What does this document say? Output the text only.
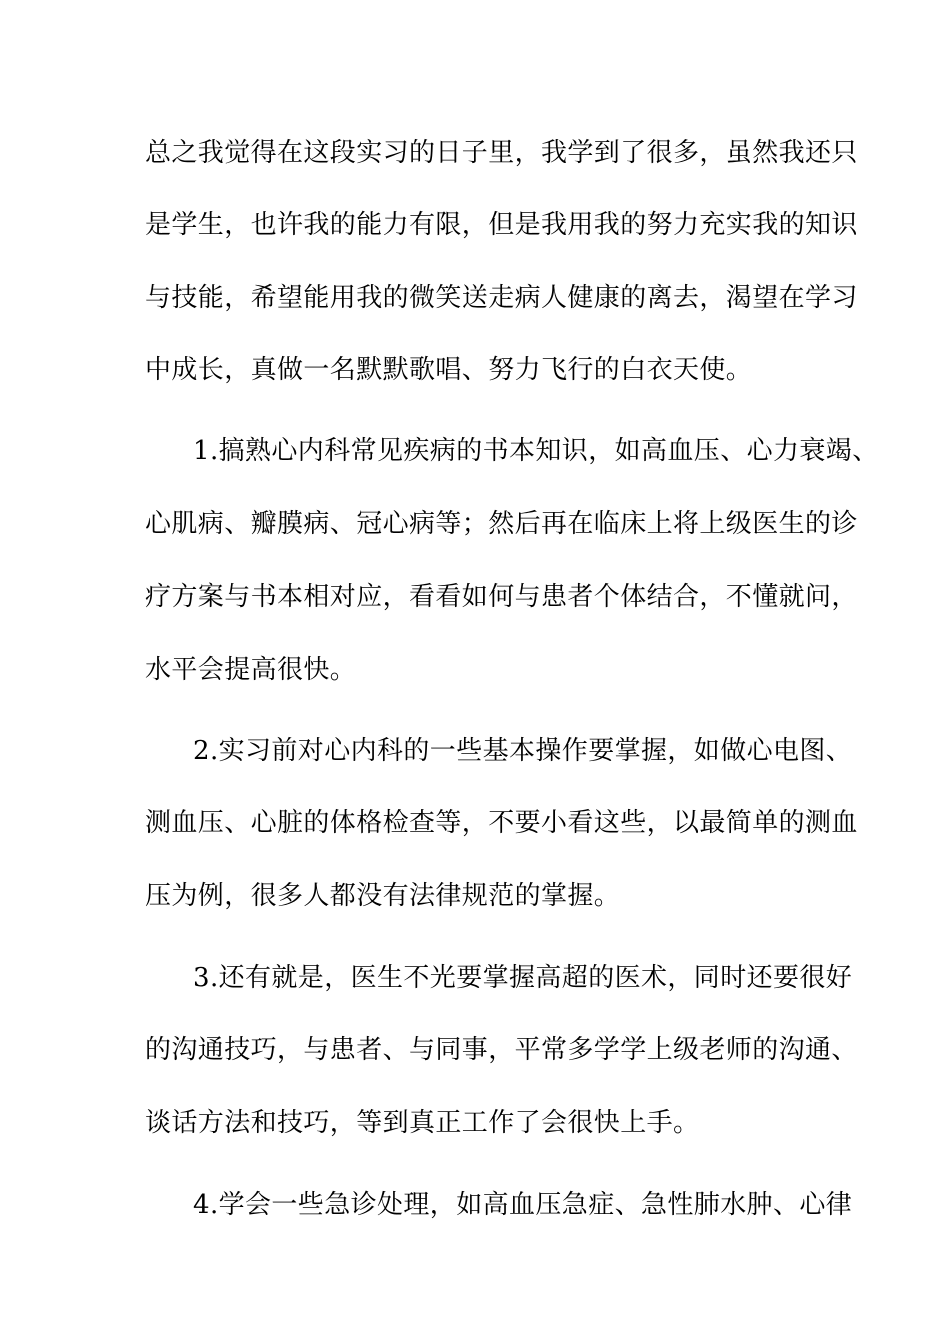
总之我觉得在这段实习的日子里，我学到了很多，虽然我还只
是学生，也许我的能力有限，但是我用我的努力充实我的知识
与技能，希望能用我的微笑送走病人健康的离去，渴望在学习
中成长，真做一名默默歌唱、努力飞行的白衣天使。
1.搞熟心内科常见疾病的书本知识，如高血压、心力衰竭、
心肌病、瓣膜病、冠心病等；然后再在临床上将上级医生的诊
疗方案与书本相对应，看看如何与患者个体结合，不懂就问，
水平会提高很快。
2.实习前对心内科的一些基本操作要掌握，如做心电图、
测血压、心脏的体格检查等，不要小看这些，以最简单的测血
压为例，很多人都没有法律规范的掌握。
3.还有就是，医生不光要掌握高超的医术，同时还要很好
的沟通技巧，与患者、与同事，平常多学学上级老师的沟通、
谈话方法和技巧，等到真正工作了会很快上手。
4.学会一些急诊处理，如高血压急症、急性肺水肿、心律
